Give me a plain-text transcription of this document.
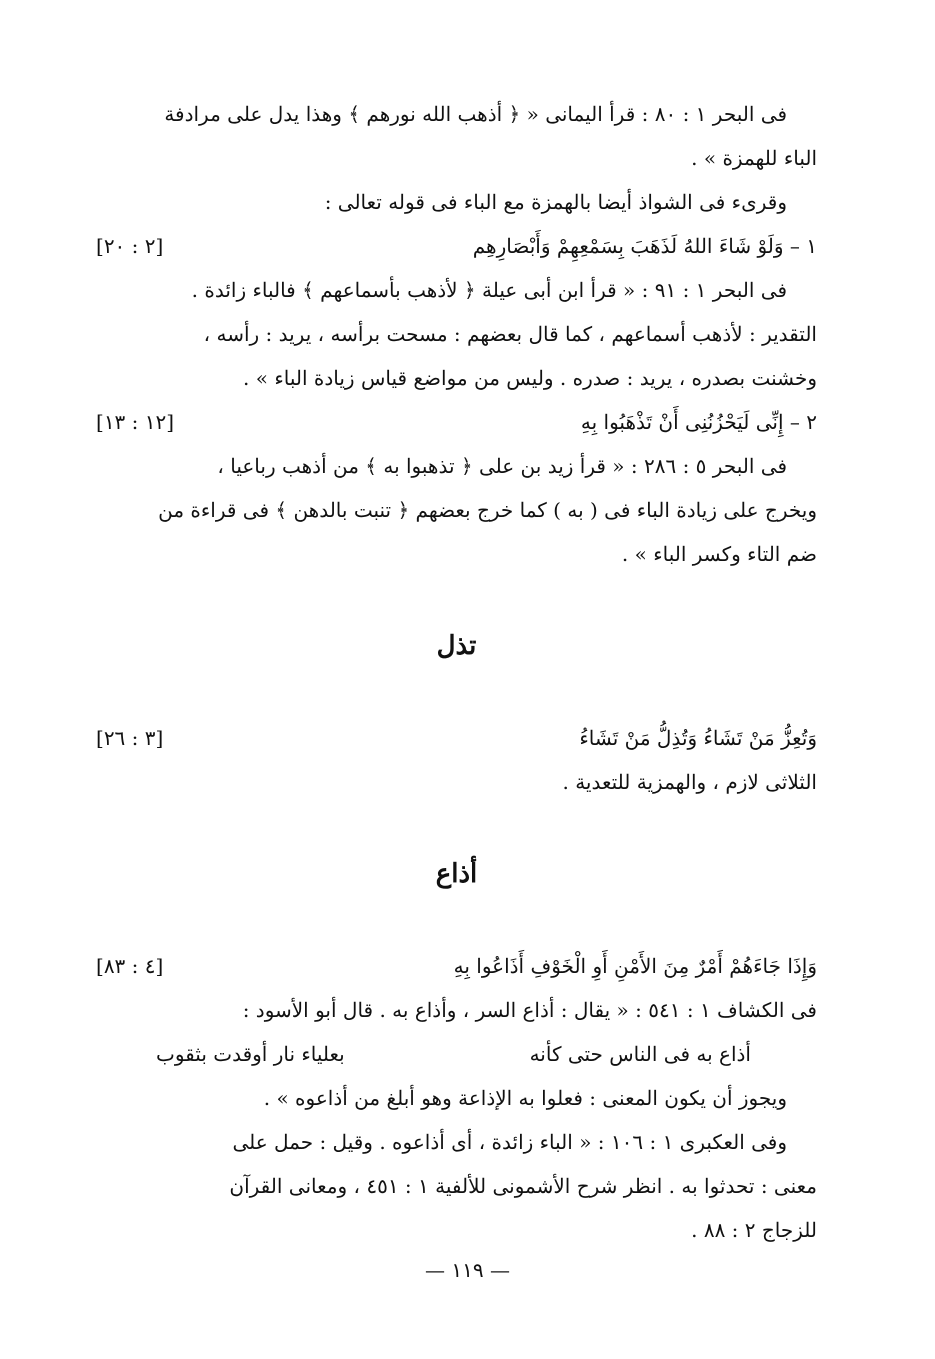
فى البحر ١ : ٨٠ : قرأ اليمانى « ﴿ أذهب الله نورهم ﴾ وهذا يدل على مرادفة
الباء للهمزة » .
وقرىء فى الشواذ أيضا بالهمزة مع الباء فى قوله تعالى :
١ – وَلَوْ شَاءَ اللهُ لَذَهَبَ بِسَمْعِهِمْ وَأَبْصَارِهِم
[٢ : ٢٠]
فى البحر ١ : ٩١ : « قرأ ابن أبى عيلة ﴿ لأذهب بأسماعهم ﴾ فالباء زائدة .
التقدير : لأذهب أسماعهم ، كما قال بعضهم : مسحت برأسه ، يريد : رأسه ،
وخشنت بصدره ، يريد : صدره . وليس من مواضع قياس زيادة الباء » .
٢ – إِنِّى لَيَحْزُنُنِى أَنْ تَذْهَبُوا بِهِ
[١٢ : ١٣]
فى البحر ٥ : ٢٨٦ : « قرأ زيد بن على ﴿ تذهبوا به ﴾ من أذهب رباعيا ،
ويخرج على زيادة الباء فى ( به ) كما خرج بعضهم ﴿ تنبت بالدهن ﴾ فى قراءة من
ضم التاء وكسر الباء » .
تذل
وَتُعِزُّ مَنْ تَشَاءُ وَتُذِلُّ مَنْ تَشَاءُ
[٣ : ٢٦]
الثلاثى لازم ، والهمزية للتعدية .
أذاع
وَإِذَا جَاءَهُمْ أَمْرٌ مِنَ الأَمْنِ أَوِ الْخَوْفِ أَذَاعُوا بِهِ
[٤ : ٨٣]
فى الكشاف ١ : ٥٤١ : « يقال : أذاع السر ، وأذاع به . قال أبو الأسود :
أذاع به فى الناس حتى كأنه
بعلياء نار أوقدت بثقوب
ويجوز أن يكون المعنى : فعلوا به الإذاعة وهو أبلغ من أذاعوه » .
وفى العكبرى ١ : ١٠٦ : « الباء زائدة ، أى أذاعوه . وقيل : حمل على
معنى : تحدثوا به . انظر شرح الأشمونى للألفية ١ : ٤٥١ ، ومعانى القرآن
للزجاج ٢ : ٨٨ .
— ١١٩ —
